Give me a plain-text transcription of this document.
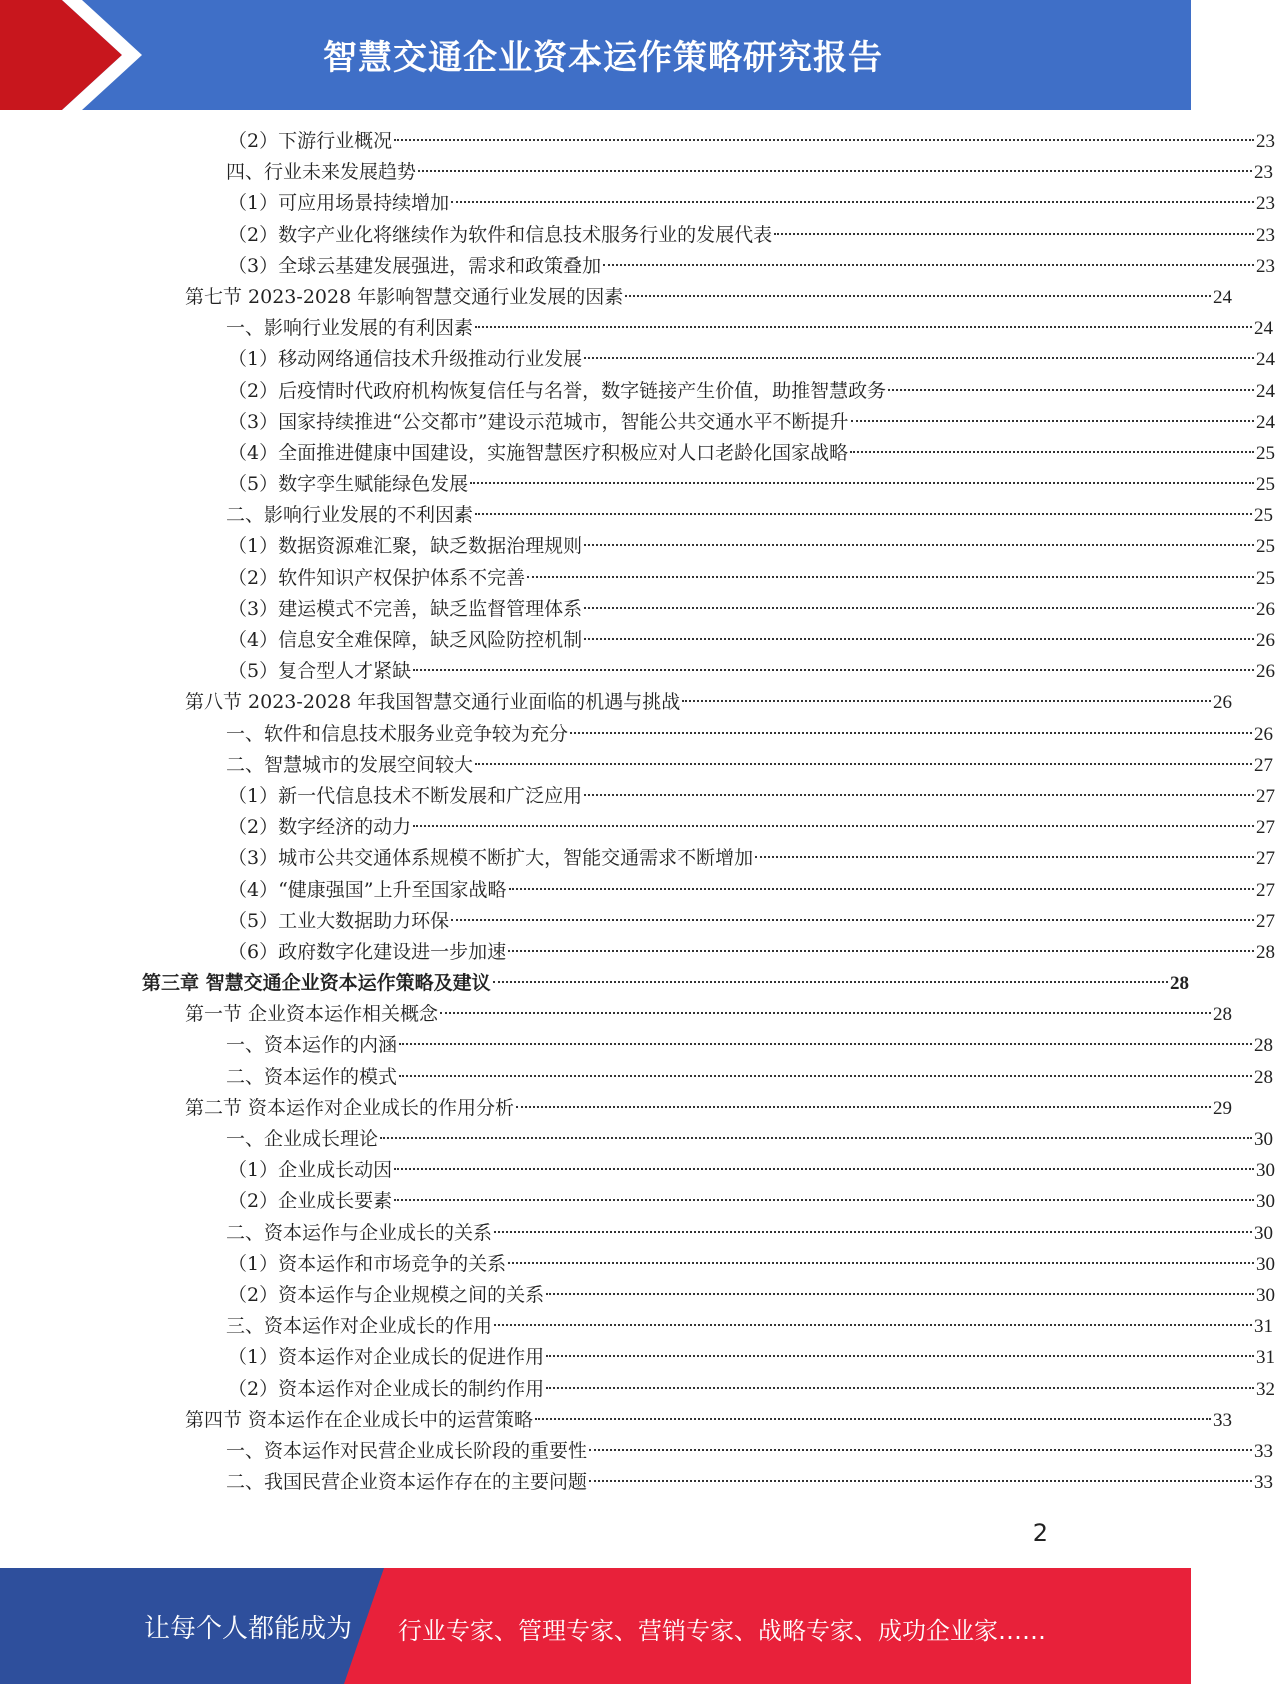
智慧交通企业资本运作策略研究报告
（2）下游行业概况	23
四、行业未来发展趋势	23
（1）可应用场景持续增加	23
（2）数字产业化将继续作为软件和信息技术服务行业的发展代表	23
（3）全球云基建发展强进，需求和政策叠加	23
第七节 2023-2028 年影响智慧交通行业发展的因素	24
一、影响行业发展的有利因素	24
（1）移动网络通信技术升级推动行业发展	24
（2）后疫情时代政府机构恢复信任与名誉，数字链接产生价值，助推智慧政务	24
（3）国家持续推进“公交都市”建设示范城市，智能公共交通水平不断提升	24
（4）全面推进健康中国建设，实施智慧医疗积极应对人口老龄化国家战略	25
（5）数字孪生赋能绿色发展	25
二、影响行业发展的不利因素	25
（1）数据资源难汇聚，缺乏数据治理规则	25
（2）软件知识产权保护体系不完善	25
（3）建运模式不完善，缺乏监督管理体系	26
（4）信息安全难保障，缺乏风险防控机制	26
（5）复合型人才紧缺	26
第八节 2023-2028 年我国智慧交通行业面临的机遇与挑战	26
一、软件和信息技术服务业竞争较为充分	26
二、智慧城市的发展空间较大	27
（1）新一代信息技术不断发展和广泛应用	27
（2）数字经济的动力	27
（3）城市公共交通体系规模不断扩大，智能交通需求不断增加	27
（4）“健康强国”上升至国家战略	27
（5）工业大数据助力环保	27
（6）政府数字化建设进一步加速	28
第三章 智慧交通企业资本运作策略及建议	28
第一节 企业资本运作相关概念	28
一、资本运作的内涵	28
二、资本运作的模式	28
第二节 资本运作对企业成长的作用分析	29
一、企业成长理论	30
（1）企业成长动因	30
（2）企业成长要素	30
二、资本运作与企业成长的关系	30
（1）资本运作和市场竞争的关系	30
（2）资本运作与企业规模之间的关系	30
三、资本运作对企业成长的作用	31
（1）资本运作对企业成长的促进作用	31
（2）资本运作对企业成长的制约作用	32
第四节 资本运作在企业成长中的运营策略	33
一、资本运作对民营企业成长阶段的重要性	33
二、我国民营企业资本运作存在的主要问题	33
2
让每个人都能成为 行业专家、管理专家、营销专家、战略专家、成功企业家……
